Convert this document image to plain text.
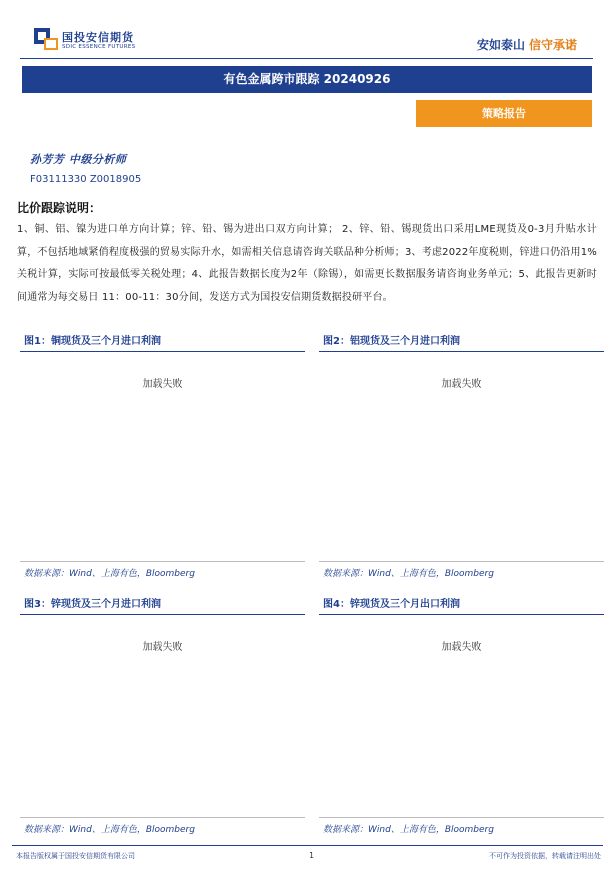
国投安信期货
SDIC ESSENCE FUTURES	安如泰山 信守承诺
有色金属跨市跟踪 20240926
策略报告
孙芳芳 中级分析师
F03111330 Z0018905
比价跟踪说明：
1、铜、铝、镍为进口单方向计算；锌、铅、锡为进出口双方向计算； 2、锌、铅、锡现货出口采用LME现货及0-3月升贴水计算，不包括地域紧俏程度极强的贸易实际升水，如需相关信息请咨询关联品种分析师；3、考虑2022年度税则，锌进口仍沿用1%关税计算，实际可按最低零关税处理；4、此报告数据长度为2年（除锡），如需更长数据服务请咨询业务单元；5、此报告更新时间通常为每交易日 11：00-11：30分间，发送方式为国投安信期货数据投研平台。
图1：铜现货及三个月进口利润
加载失败
数据来源：Wind、上海有色，Bloomberg
图2：铝现货及三个月进口利润
加载失败
数据来源：Wind、上海有色，Bloomberg
图3：锌现货及三个月进口利润
加载失败
数据来源：Wind、上海有色，Bloomberg
图4：锌现货及三个月出口利润
加载失败
数据来源：Wind、上海有色，Bloomberg
本报告版权属于国投安信期货有限公司	1	不可作为投资依据，转载请注明出处
